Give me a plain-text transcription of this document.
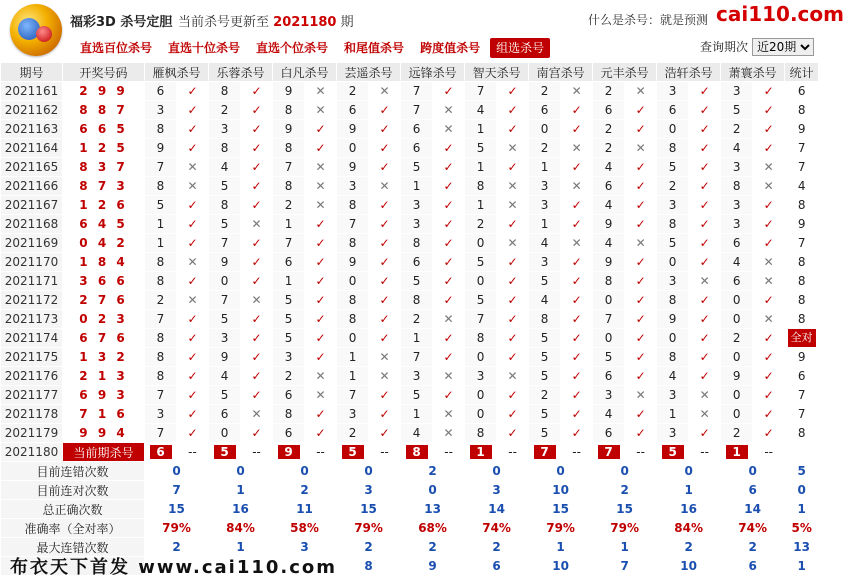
福彩3D 杀号定胆 当前杀号更新至 2021180 期	什么是杀号：就是预测 cai110.com
直选百位杀号	直选十位杀号	直选个位杀号	和尾值杀号	跨度值杀号	组选杀号	查询期次
近20期
期号	开奖号码	雁枫杀号		乐蓉杀号		白凡杀号		芸遥杀号		远锋杀号		智天杀号		南宫杀号		元丰杀号		浩轩杀号		萧寰杀号		统计
2021161	2 9 9	6	✓	8	✓	9	✕	2	✕	7	✓	7	✓	2	✕	2	✕	3	✓	3	✓	6
2021162	8 8 7	3	✓	2	✓	8	✕	6	✓	7	✕	4	✓	6	✓	6	✓	6	✓	5	✓	8
2021163	6 6 5	8	✓	3	✓	9	✓	9	✓	6	✕	1	✓	0	✓	2	✓	0	✓	2	✓	9
2021164	1 2 5	9	✓	8	✓	8	✓	0	✓	6	✓	5	✕	2	✕	2	✕	8	✓	4	✓	7
2021165	8 3 7	7	✕	4	✓	7	✕	9	✓	5	✓	1	✓	1	✓	4	✓	5	✓	3	✕	7
2021166	8 7 3	8	✕	5	✓	8	✕	3	✕	1	✓	8	✕	3	✕	6	✓	2	✓	8	✕	4
2021167	1 2 6	5	✓	8	✓	2	✕	8	✓	3	✓	1	✕	3	✓	4	✓	3	✓	3	✓	8
2021168	6 4 5	1	✓	5	✕	1	✓	7	✓	3	✓	2	✓	1	✓	9	✓	8	✓	3	✓	9
2021169	0 4 2	1	✓	7	✓	7	✓	8	✓	8	✓	0	✕	4	✕	4	✕	5	✓	6	✓	7
2021170	1 8 4	8	✕	9	✓	6	✓	9	✓	6	✓	5	✓	3	✓	9	✓	0	✓	4	✕	8
2021171	3 6 6	8	✓	0	✓	1	✓	0	✓	5	✓	0	✓	5	✓	8	✓	3	✕	6	✕	8
2021172	2 7 6	2	✕	7	✕	5	✓	8	✓	8	✓	5	✓	4	✓	0	✓	8	✓	0	✓	8
2021173	0 2 3	7	✓	5	✓	5	✓	8	✓	2	✕	7	✓	8	✓	7	✓	9	✓	0	✕	8
2021174	6 7 6	8	✓	3	✓	5	✓	0	✓	1	✓	8	✓	5	✓	0	✓	0	✓	2	✓	全对
2021175	1 3 2	8	✓	9	✓	3	✓	1	✕	7	✓	0	✓	5	✓	5	✓	8	✓	0	✓	9
2021176	2 1 3	8	✓	4	✓	2	✕	1	✕	3	✕	3	✕	5	✓	6	✓	4	✓	9	✓	6
2021177	6 9 3	7	✓	5	✓	6	✕	7	✓	5	✓	0	✓	2	✓	3	✕	3	✕	0	✓	7
2021178	7 1 6	3	✓	6	✕	8	✓	3	✓	1	✕	0	✓	5	✓	4	✓	1	✕	0	✓	7
2021179	9 9 4	7	✓	0	✓	6	✓	2	✓	4	✕	8	✓	5	✓	6	✓	3	✓	2	✓	8
2021180	当前期杀号	6	--	5	--	9	--	5	--	8	--	1	--	7	--	7	--	5	--	1	--	
目前连错次数		0		0		0		0		2		0		0		0		0		0		5
目前连对次数		7		1		2		3		0		3		10		2		1		6		0
总正确次数		15		16		11		15		13		14		15		15		16		14		1
准确率（全对率）		79%		84%		58%		79%		68%		74%		79%		79%		84%		74%		5%
最大连错次数		2		1		3		2		2		2		1		1		2		2		13
								8		9		6		10		7		10		6		1
布衣天下首发 www.cai110.com
